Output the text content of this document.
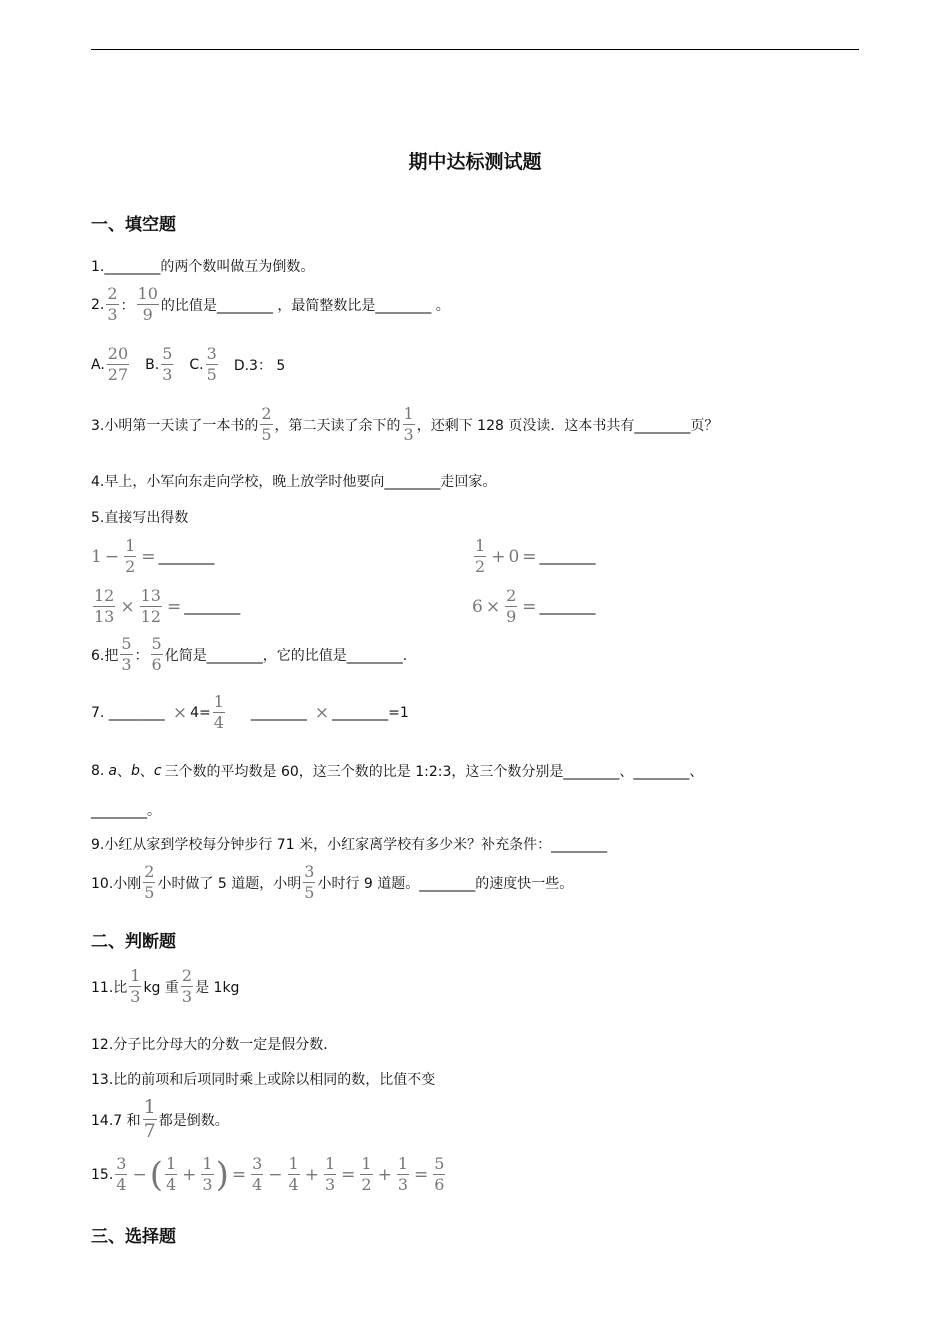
期中达标测试题
一、填空题
1.________的两个数叫做互为倒数。
2. $\frac{2}{3}$ ： $\frac{10}{9}$ 的比值是________ ，最简整数比是________ 。
A. $\frac{20}{27} B$. $\frac{5}{3} C$. $\frac{3}{5} D.3$： 5
3.小明第一天读了一本书的 $\frac{2}{5}$ ，第二天读了余下的 $\frac{1}{3}$ ，还剩下 128 页没读．这本书共有________页？
4.早上，小军向东走向学校，晚上放学时他要向________走回家。
5.直接写出得数
$1 - \frac{1}{2}$ = ________	$\frac{1}{2} + 0$ = ________
$\frac{12}{13} \times \frac{13}{12}$ = ________	$6 \times \frac{2}{9}$ = ________
6.把 $\frac{5}{3}$ ： $\frac{5}{6}$ 化简是________，它的比值是________.
7. ________ × $4= \frac{1}{4}$ ________ × ________=1
8. a 、 b 、 c 三个数的平均数是 60，这三个数的比是 1:2:3，这三个数分别是________、________、
________。
9.小红从家到学校每分钟步行 71 米，小红家离学校有多少米？补充条件：________
10.小刚 $\frac{2}{5}$ 小时做了 5 道题，小明 $\frac{3}{5}$ 小时行 9 道题。________的速度快一些。
二、判断题
11.比 $\frac{1}{3}$ kg 重 $\frac{2}{3}$ 是 1kg
12.分子比分母大的分数一定是假分数．
13.比的前项和后项同时乘上或除以相同的数，比值不变
14.7 和 $\frac{1}{7}$ 都是倒数。
15. $\frac{3}{4}$ − ( $\frac{1}{4} + \frac{1}{3}$ ) = $\frac{3}{4} - \frac{1}{4} + \frac{1}{3} = \frac{1}{2} + \frac{1}{3} = \frac{5}{6}$
三、选择题
